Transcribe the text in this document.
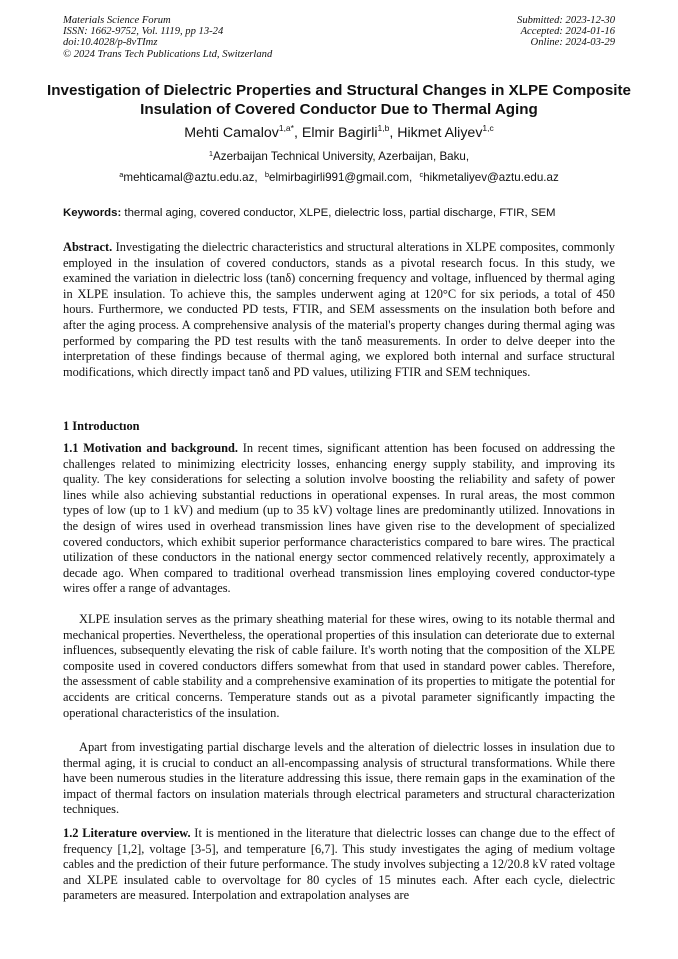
Materials Science Forum
ISSN: 1662-9752, Vol. 1119, pp 13-24
doi:10.4028/p-8vTImz
© 2024 Trans Tech Publications Ltd, Switzerland
Submitted: 2023-12-30
Accepted: 2024-01-16
Online: 2024-03-29
Investigation of Dielectric Properties and Structural Changes in XLPE Composite Insulation of Covered Conductor Due to Thermal Aging
Mehti Camalov$^{1,a*}$, Elmir Bagirli$^{1,b}$, Hikmet Aliyev$^{1,c}$
$^1$Azerbaijan Technical University, Azerbaijan, Baku,
$^a$mehticamal@aztu.edu.az, $^b$elmirbagirli991@gmail.com, $^c$hikmetaliyev@aztu.edu.az
Keywords: thermal aging, covered conductor, XLPE, dielectric loss, partial discharge, FTIR, SEM

Abstract. Investigating the dielectric characteristics and structural alterations in XLPE composites, commonly employed in the insulation of covered conductors, stands as a pivotal research focus. In this study, we examined the variation in dielectric loss (tanδ) concerning frequency and voltage, influenced by thermal aging in XLPE insulation. To achieve this, the samples underwent aging at 120°C for six periods, a total of 450 hours. Furthermore, we conducted PD tests, FTIR, and SEM assessments on the insulation both before and after the aging process. A comprehensive analysis of the material's property changes during thermal aging was performed by comparing the PD test results with the tanδ measurements. In order to delve deeper into the interpretation of these findings because of thermal aging, we explored both internal and surface structural modifications, which directly impact tanδ and PD values, utilizing FTIR and SEM techniques.

1 Introductıon

1.1 Motivation and background. In recent times, significant attention has been focused on addressing the challenges related to minimizing electricity losses, enhancing energy supply stability, and improving its quality. The key considerations for selecting a solution involve boosting the reliability and safety of power lines while also achieving substantial reductions in operational expenses. In rural areas, the most common types of low (up to 1 kV) and medium (up to 35 kV) voltage lines are predominantly utilized. Innovations in the design of wires used in overhead transmission lines have given rise to the development of specialized covered conductors, which exhibit superior performance characteristics compared to bare wires. The practical utilization of these conductors in the national energy sector commenced relatively recently, approximately a decade ago. When compared to traditional overhead transmission lines employing covered conductor-type wires offer a range of advantages.

XLPE insulation serves as the primary sheathing material for these wires, owing to its notable thermal and mechanical properties. Nevertheless, the operational properties of this insulation can deteriorate due to external influences, subsequently elevating the risk of cable failure. It's worth noting that the composition of the XLPE composite used in covered conductors differs somewhat from that used in standard power cables. Therefore, the assessment of cable stability and a comprehensive examination of its properties to mitigate the potential for accidents are critical concerns. Temperature stands out as a pivotal parameter significantly impacting the operational characteristics of the insulation.
Apart from investigating partial discharge levels and the alteration of dielectric losses in insulation due to thermal aging, it is crucial to conduct an all-encompassing analysis of structural transformations. While there have been numerous studies in the literature addressing this issue, there remain gaps in the examination of the impact of thermal factors on insulation materials through electrical parameters and structural characterization techniques.

1.2 Literature overview. It is mentioned in the literature that dielectric losses can change due to the effect of frequency [1,2], voltage [3-5], and temperature [6,7]. This study investigates the aging of medium voltage cables and the prediction of their future performance. The study involves subjecting a 12/20.8 kV rated voltage and XLPE insulated cable to overvoltage for 80 cycles of 15 minutes each. After each cycle, dielectric parameters are measured. Interpolation and extrapolation analyses are
